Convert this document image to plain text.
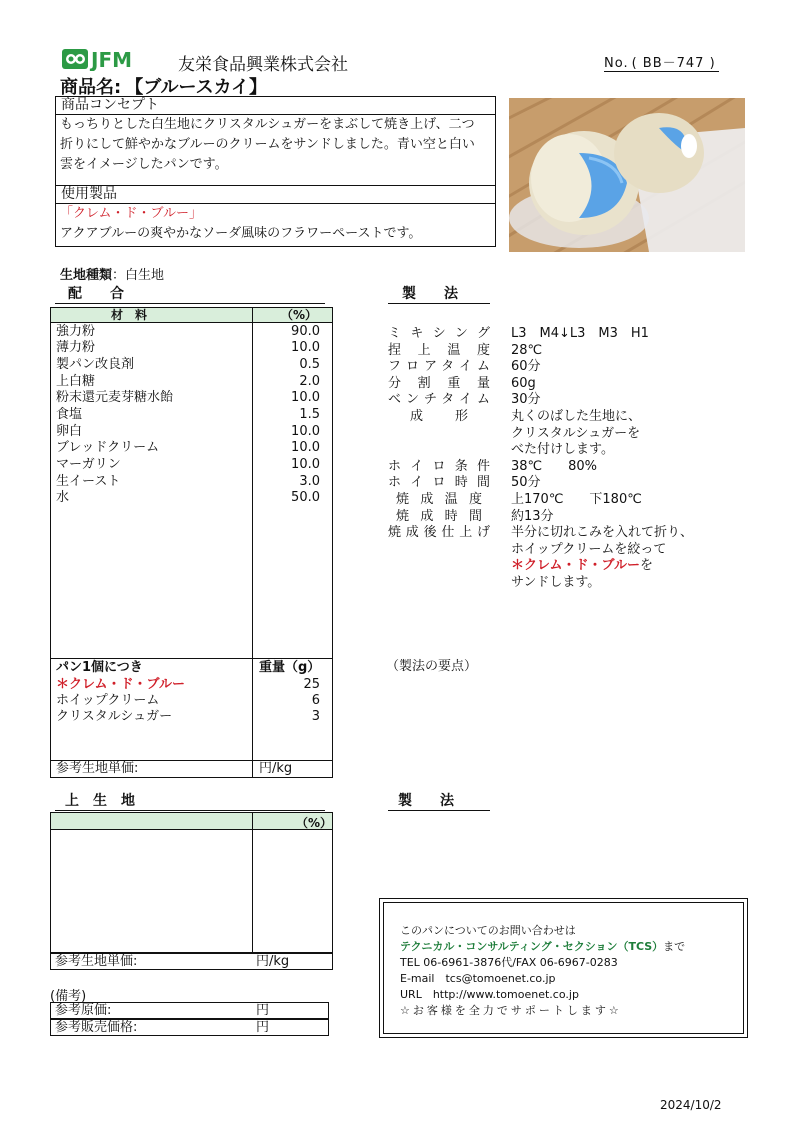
JFM	友栄食品興業株式会社	No. ( BB－747 )
商品名: 【ブルースカイ】
商品コンセプト
もっちりとした白生地にクリスタルシュガーをまぶして焼き上げ、二つ
折りにして鮮やかなブルーのクリームをサンドしました。青い空と白い
雲をイメージしたパンです。
使用製品
「クレム・ド・ブルー」
アクアブルーの爽やかなソーダ風味のフラワーペーストです。
生地種類：白生地
配　　合	製　　法
材　料	（%）
強力粉	90.0
薄力粉	10.0
製パン改良剤	0.5
上白糖	2.0
粉末還元麦芽糖水飴	10.0
食塩	1.5
卵白	10.0
ブレッドクリーム	10.0
マーガリン	10.0
生イースト	3.0
水	50.0
パン1個につき	重量（g）
＊クレム・ド・ブルー	25
ホイップクリーム	6
クリスタルシュガー	3
参考生地単価:	円/kg
ミキシング L3　M4↓L3　M3　H1
捏上温度 28℃
フロアタイム 60分
分割重量 60g
ベンチタイム 30分
成　形	丸くのばした生地に、
クリスタルシュガーを
べた付けします。
ホイロ条件 38℃　　80%
ホイロ時間 50分
焼成温度 上170℃　　下180℃
焼成時間 約13分
焼成後仕上げ 半分に切れこみを入れて折り、
ホイップクリームを絞って
＊クレム・ド・ブルーを
サンドします。
（製法の要点）
上　生　地	製　　法
（%）
参考生地単価:	円/kg
(備考)
参考原価:	円
参考販売価格:	円
このパンについてのお問い合わせは
テクニカル・コンサルティング・セクション（TCS）まで
TEL 06-6961-3876代/FAX 06-6967-0283
E-mail　tcs@tomoenet.co.jp
URL　http://www.tomoenet.co.jp
☆お客様を全力でサポートします☆
2024/10/2
